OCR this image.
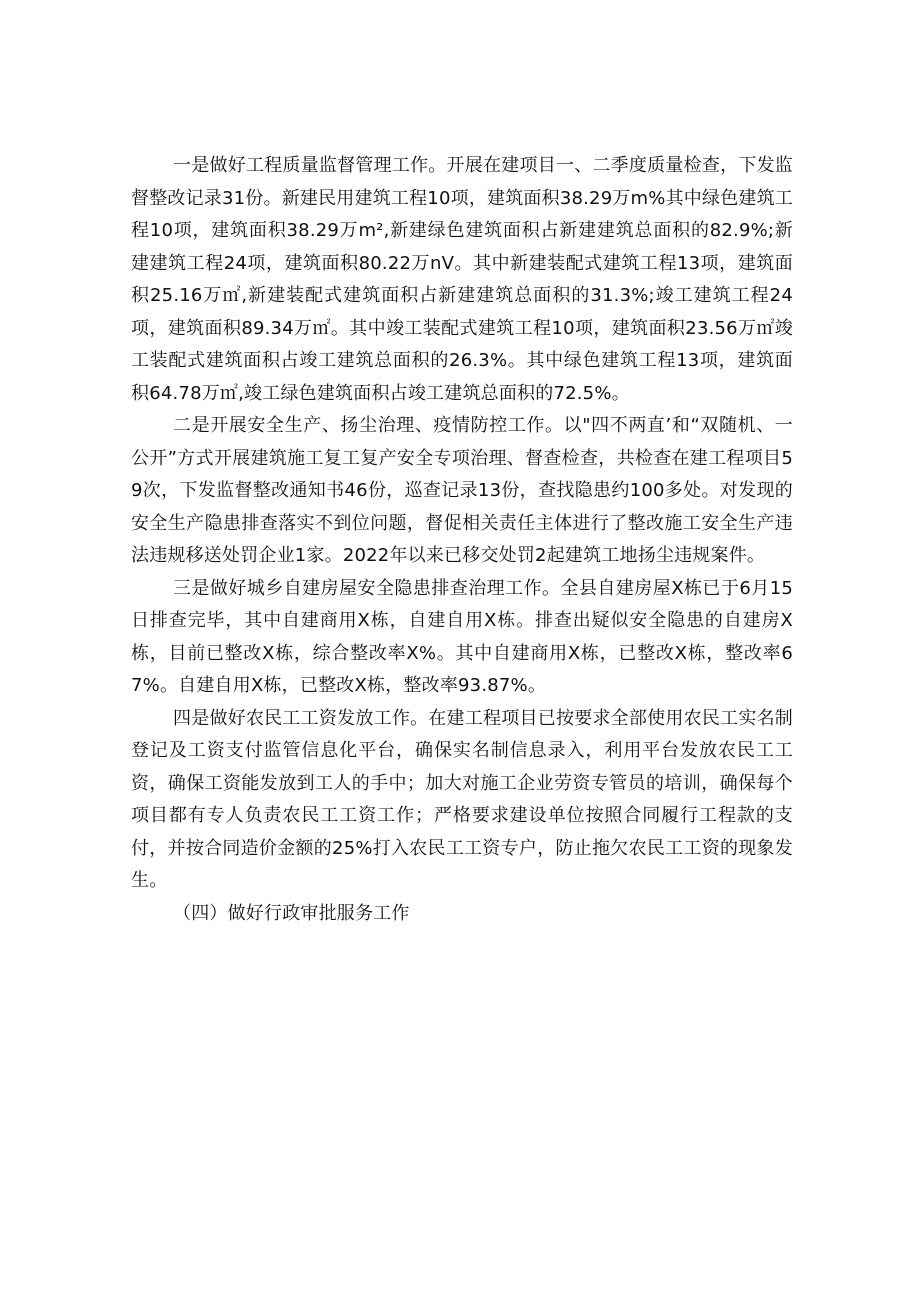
一是做好工程质量监督管理工作。开展在建项目一、二季度质量检查，下发监督整改记录31份。新建民用建筑工程10项，建筑面积38.29万m%其中绿色建筑工程10项，建筑面积38.29万m²,新建绿色建筑面积占新建建筑总面积的82.9%;新建建筑工程24项，建筑面积80.22万nV。其中新建装配式建筑工程13项，建筑面积25.16万㎡,新建装配式建筑面积占新建建筑总面积的31.3%;竣工建筑工程24项，建筑面积89.34万㎡。其中竣工装配式建筑工程10项，建筑面积23.56万㎡竣工装配式建筑面积占竣工建筑总面积的26.3%。其中绿色建筑工程13项，建筑面积64.78万㎡,竣工绿色建筑面积占竣工建筑总面积的72.5%。

二是开展安全生产、扬尘治理、疫情防控工作。以"四不两直’和“双随机、一公开”方式开展建筑施工复工复产安全专项治理、督查检查，共检查在建工程项目59次，下发监督整改通知书46份，巡查记录13份，查找隐患约100多处。对发现的安全生产隐患排查落实不到位问题，督促相关责任主体进行了整改施工安全生产违法违规移送处罚企业1家。2022年以来已移交处罚2起建筑工地扬尘违规案件。

三是做好城乡自建房屋安全隐患排查治理工作。全县自建房屋X栋已于6月15日排查完毕，其中自建商用X栋，自建自用X栋。排查出疑似安全隐患的自建房X栋，目前已整改X栋，综合整改率X%。其中自建商用X栋，已整改X栋，整改率67%。自建自用X栋，已整改X栋，整改率93.87%。

四是做好农民工工资发放工作。在建工程项目已按要求全部使用农民工实名制登记及工资支付监管信息化平台，确保实名制信息录入，利用平台发放农民工工资，确保工资能发放到工人的手中；加大对施工企业劳资专管员的培训，确保每个项目都有专人负责农民工工资工作；严格要求建设单位按照合同履行工程款的支付，并按合同造价金额的25%打入农民工工资专户，防止拖欠农民工工资的现象发生。

（四）做好行政审批服务工作
